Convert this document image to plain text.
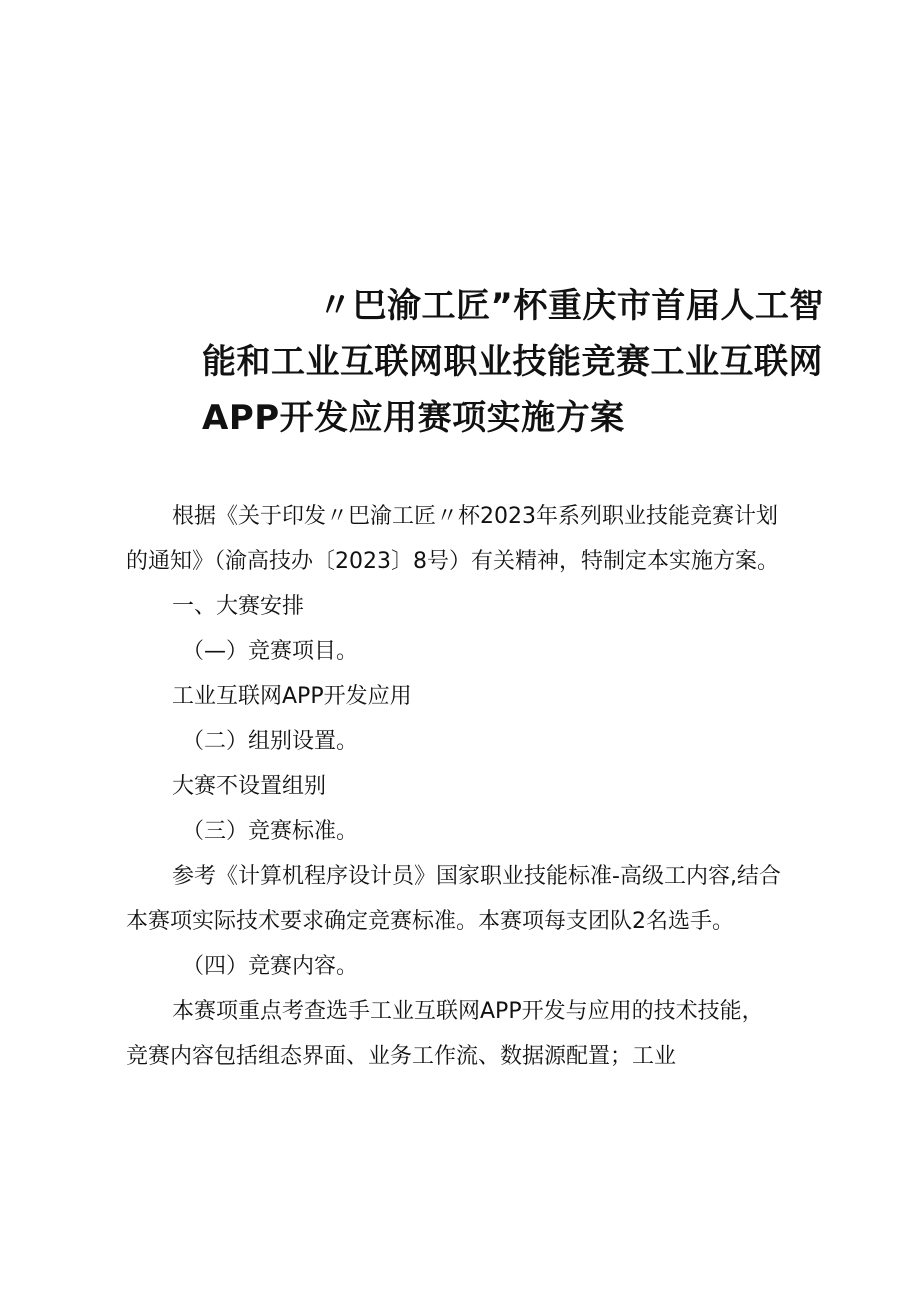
〃巴渝工匠”杯重庆市首届人工智
能和工业互联网职业技能竞赛工业互联网
APP开发应用赛项实施方案

根据《关于印发〃巴渝工匠〃杯2023年系列职业技能竞赛计划

的通知》（渝高技办〔2023〕8号）有关精神，特制定本实施方案。

一、大赛安排

（—）竞赛项目。

工业互联网APP开发应用

（二）组别设置。

大赛不设置组别

（三）竞赛标准。

参考《计算机程序设计员》国家职业技能标准-高级工内容,结合

本赛项实际技术要求确定竞赛标准。本赛项每支团队2名选手。

（四）竞赛内容。

本赛项重点考查选手工业互联网APP开发与应用的技术技能，

竞赛内容包括组态界面、业务工作流、数据源配置；工业
